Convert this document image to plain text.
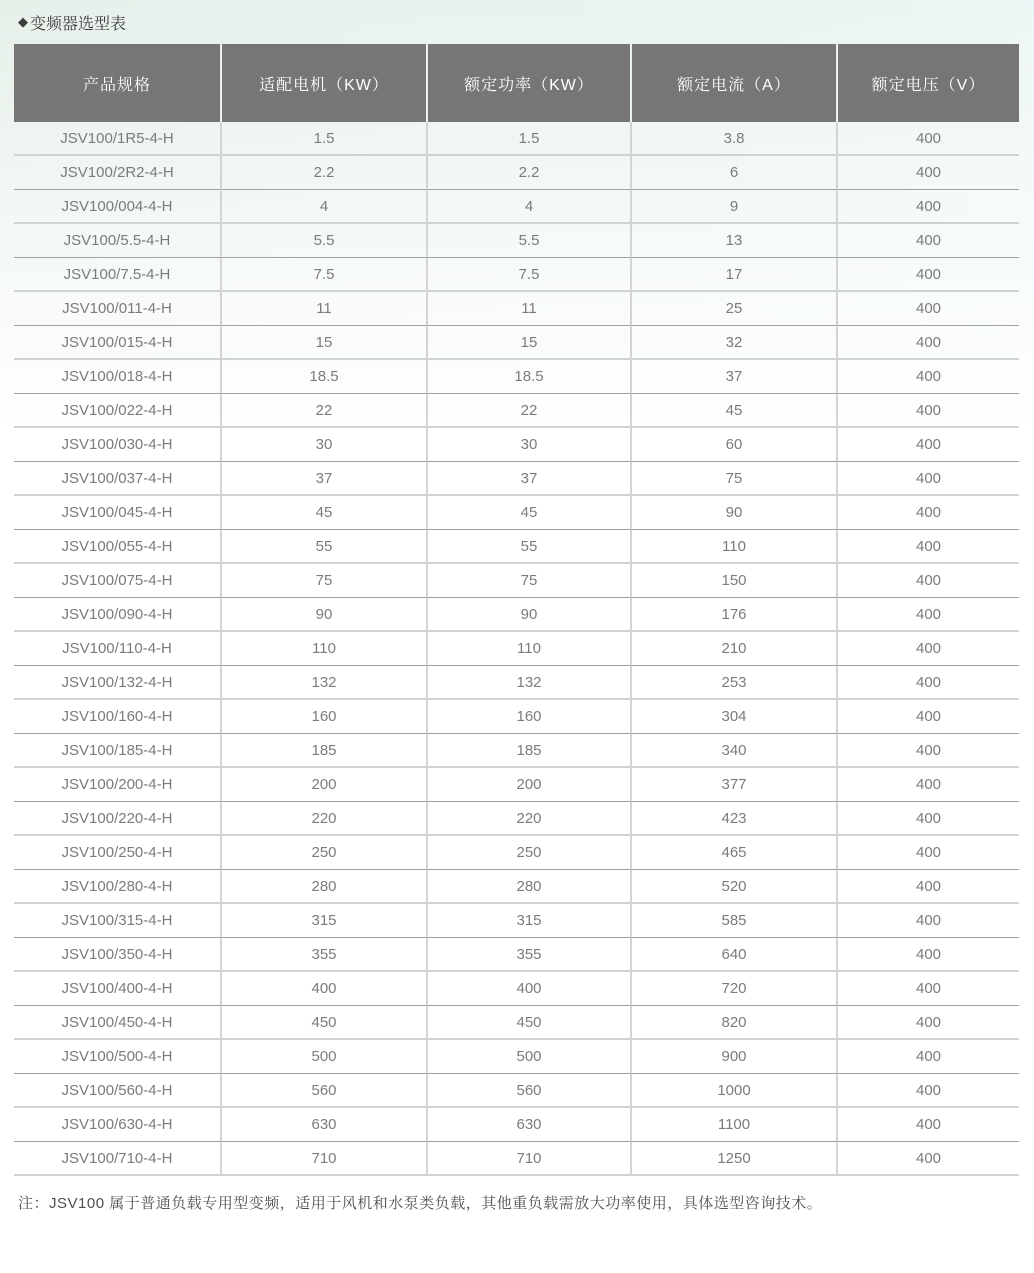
◆ 变频器选型表
产品规格	适配电机（KW）	额定功率（KW）	额定电流（A）	额定电压（V）
JSV100/1R5-4-H	1.5	1.5	3.8	400
JSV100/2R2-4-H	2.2	2.2	6	400
JSV100/004-4-H	4	4	9	400
JSV100/5.5-4-H	5.5	5.5	13	400
JSV100/7.5-4-H	7.5	7.5	17	400
JSV100/011-4-H	11	11	25	400
JSV100/015-4-H	15	15	32	400
JSV100/018-4-H	18.5	18.5	37	400
JSV100/022-4-H	22	22	45	400
JSV100/030-4-H	30	30	60	400
JSV100/037-4-H	37	37	75	400
JSV100/045-4-H	45	45	90	400
JSV100/055-4-H	55	55	110	400
JSV100/075-4-H	75	75	150	400
JSV100/090-4-H	90	90	176	400
JSV100/110-4-H	110	110	210	400
JSV100/132-4-H	132	132	253	400
JSV100/160-4-H	160	160	304	400
JSV100/185-4-H	185	185	340	400
JSV100/200-4-H	200	200	377	400
JSV100/220-4-H	220	220	423	400
JSV100/250-4-H	250	250	465	400
JSV100/280-4-H	280	280	520	400
JSV100/315-4-H	315	315	585	400
JSV100/350-4-H	355	355	640	400
JSV100/400-4-H	400	400	720	400
JSV100/450-4-H	450	450	820	400
JSV100/500-4-H	500	500	900	400
JSV100/560-4-H	560	560	1000	400
JSV100/630-4-H	630	630	1100	400
JSV100/710-4-H	710	710	1250	400
注：JSV100 属于普通负载专用型变频，适用于风机和水泵类负载，其他重负载需放大功率使用，具体选型咨询技术。
